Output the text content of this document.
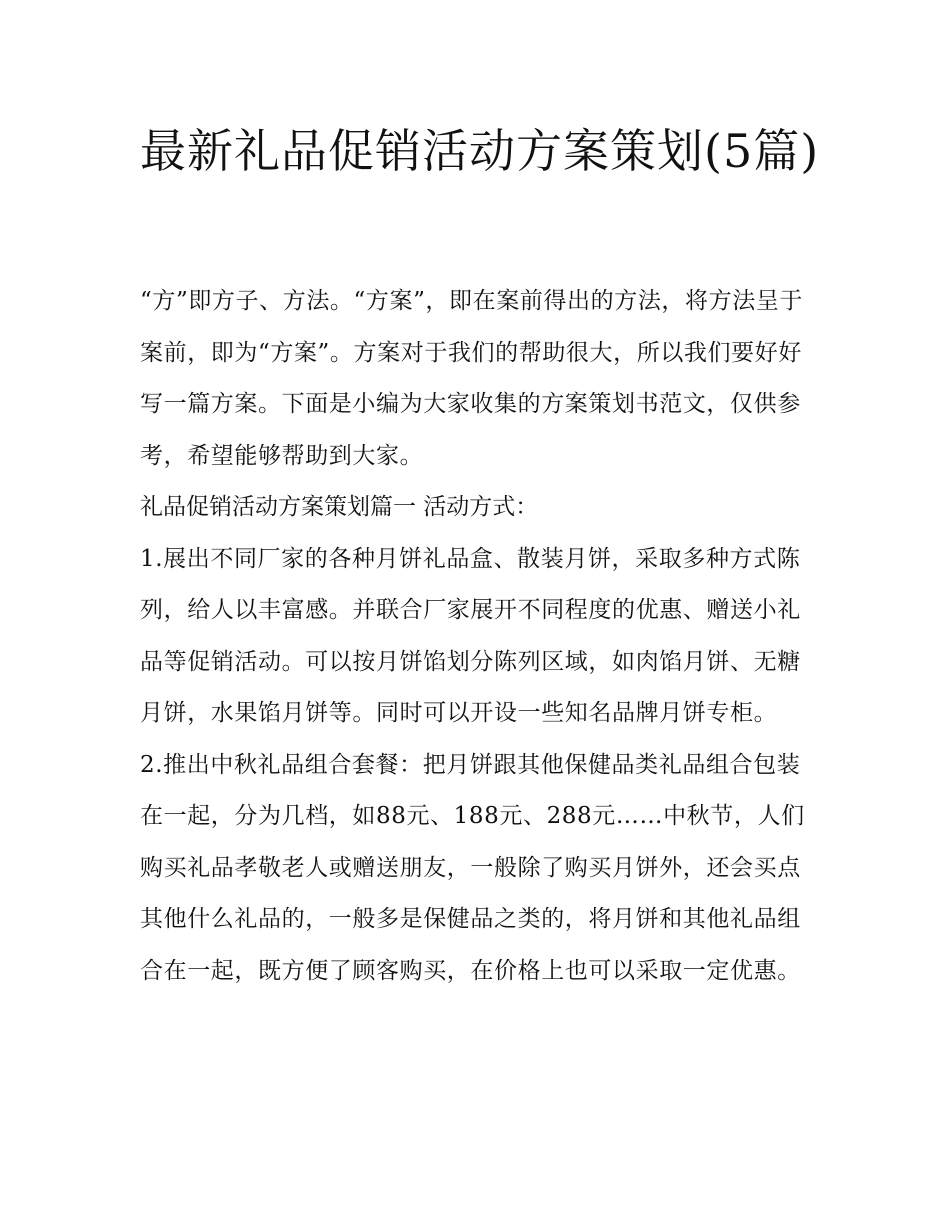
最新礼品促销活动方案策划(5篇)

“方”即方子、方法。“方案”，即在案前得出的方法，将方法呈于案前，即为“方案”。方案对于我们的帮助很大，所以我们要好好写一篇方案。下面是小编为大家收集的方案策划书范文，仅供参考，希望能够帮助到大家。

礼品促销活动方案策划篇一 活动方式：

1.展出不同厂家的各种月饼礼品盒、散装月饼，采取多种方式陈列，给人以丰富感。并联合厂家展开不同程度的优惠、赠送小礼品等促销活动。可以按月饼馅划分陈列区域，如肉馅月饼、无糖月饼，水果馅月饼等。同时可以开设一些知名品牌月饼专柜。

2.推出中秋礼品组合套餐：把月饼跟其他保健品类礼品组合包装在一起，分为几档，如88元、188元、288元……中秋节，人们购买礼品孝敬老人或赠送朋友，一般除了购买月饼外，还会买点其他什么礼品的，一般多是保健品之类的，将月饼和其他礼品组合在一起，既方便了顾客购买，在价格上也可以采取一定优惠。
